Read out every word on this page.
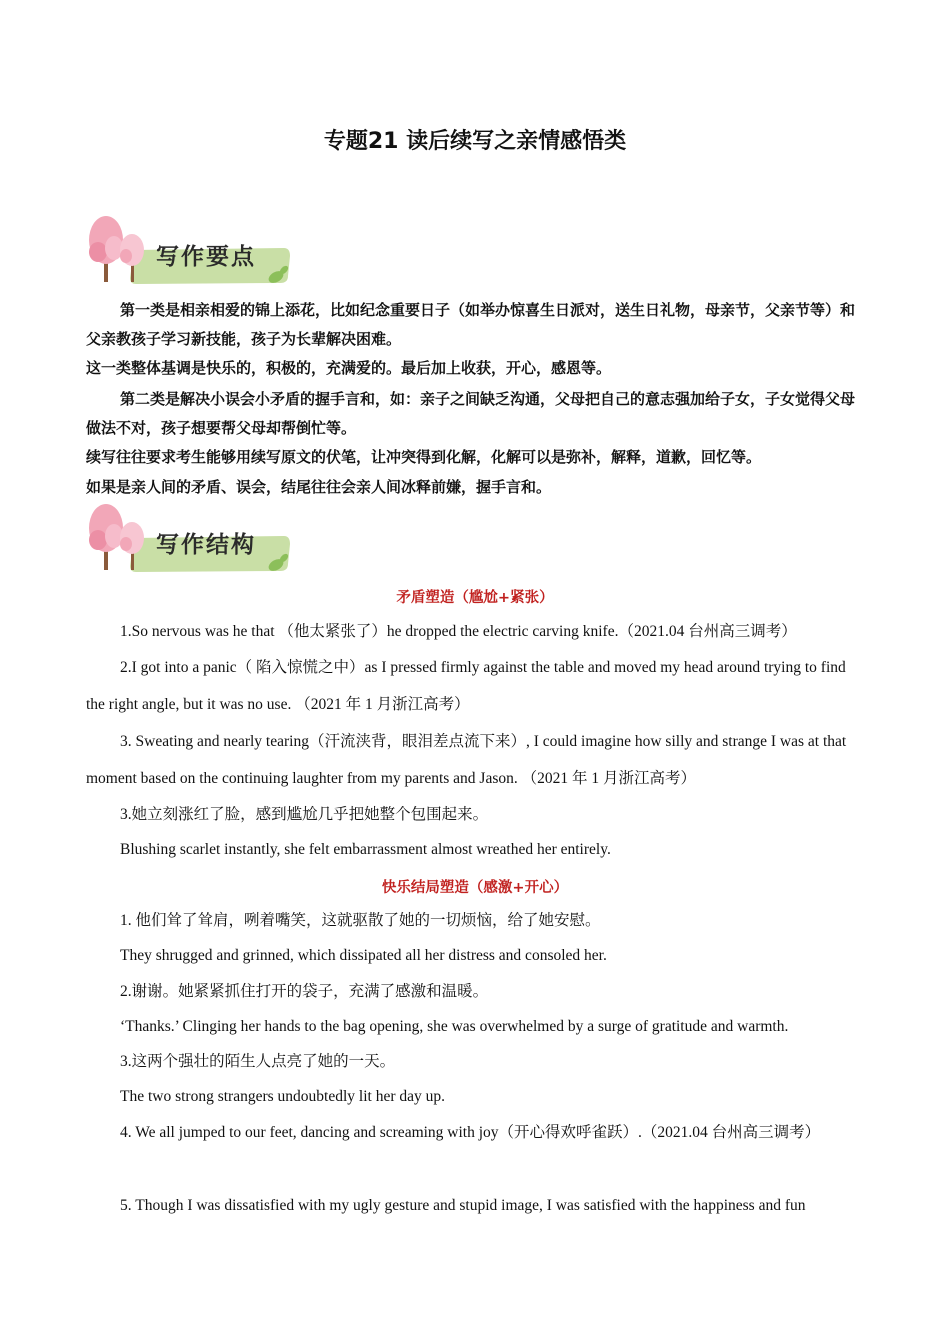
专题21 读后续写之亲情感悟类
写作要点

第一类是相亲相爱的锦上添花，比如纪念重要日子（如举办惊喜生日派对，送生日礼物，母亲节，父亲节等）和父亲教孩子学习新技能，孩子为长辈解决困难。

这一类整体基调是快乐的，积极的，充满爱的。最后加上收获，开心，感恩等。

第二类是解决小误会小矛盾的握手言和，如：亲子之间缺乏沟通，父母把自己的意志强加给子女，子女觉得父母做法不对，孩子想要帮父母却帮倒忙等。

续写往往要求考生能够用续写原文的伏笔，让冲突得到化解，化解可以是弥补，解释，道歉，回忆等。

如果是亲人间的矛盾、误会，结尾往往会亲人间冰释前嫌，握手言和。

写作结构
矛盾塑造（尴尬+紧张）

1.So nervous was he that （他太紧张了）he dropped the electric carving knife.（2021.04 台州高三调考）

2.I got into a panic（ 陷入惊慌之中）as I pressed firmly against the table and moved my head around trying to find the right angle, but it was no use. （2021 年 1 月浙江高考）

3. Sweating and nearly tearing（汗流浃背，眼泪差点流下来）, I could imagine how silly and strange I was at that moment based on the continuing laughter from my parents and Jason. （2021 年 1 月浙江高考）

3.她立刻涨红了脸，感到尴尬几乎把她整个包围起来。

Blushing scarlet instantly, she felt embarrassment almost wreathed her entirely.

快乐结局塑造（感激+开心）

1. 他们耸了耸肩，咧着嘴笑，这就驱散了她的一切烦恼，给了她安慰。

They shrugged and grinned, which dissipated all her distress and consoled her.

2.谢谢。她紧紧抓住打开的袋子，充满了感激和温暖。

‘Thanks.’ Clinging her hands to the bag opening, she was overwhelmed by a surge of gratitude and warmth.

3.这两个强壮的陌生人点亮了她的一天。

The two strong strangers undoubtedly lit her day up.

4. We all jumped to our feet, dancing and screaming with joy（开心得欢呼雀跃）.（2021.04 台州高三调考）

5. Though I was dissatisfied with my ugly gesture and stupid image, I was satisfied with the happiness and fun
